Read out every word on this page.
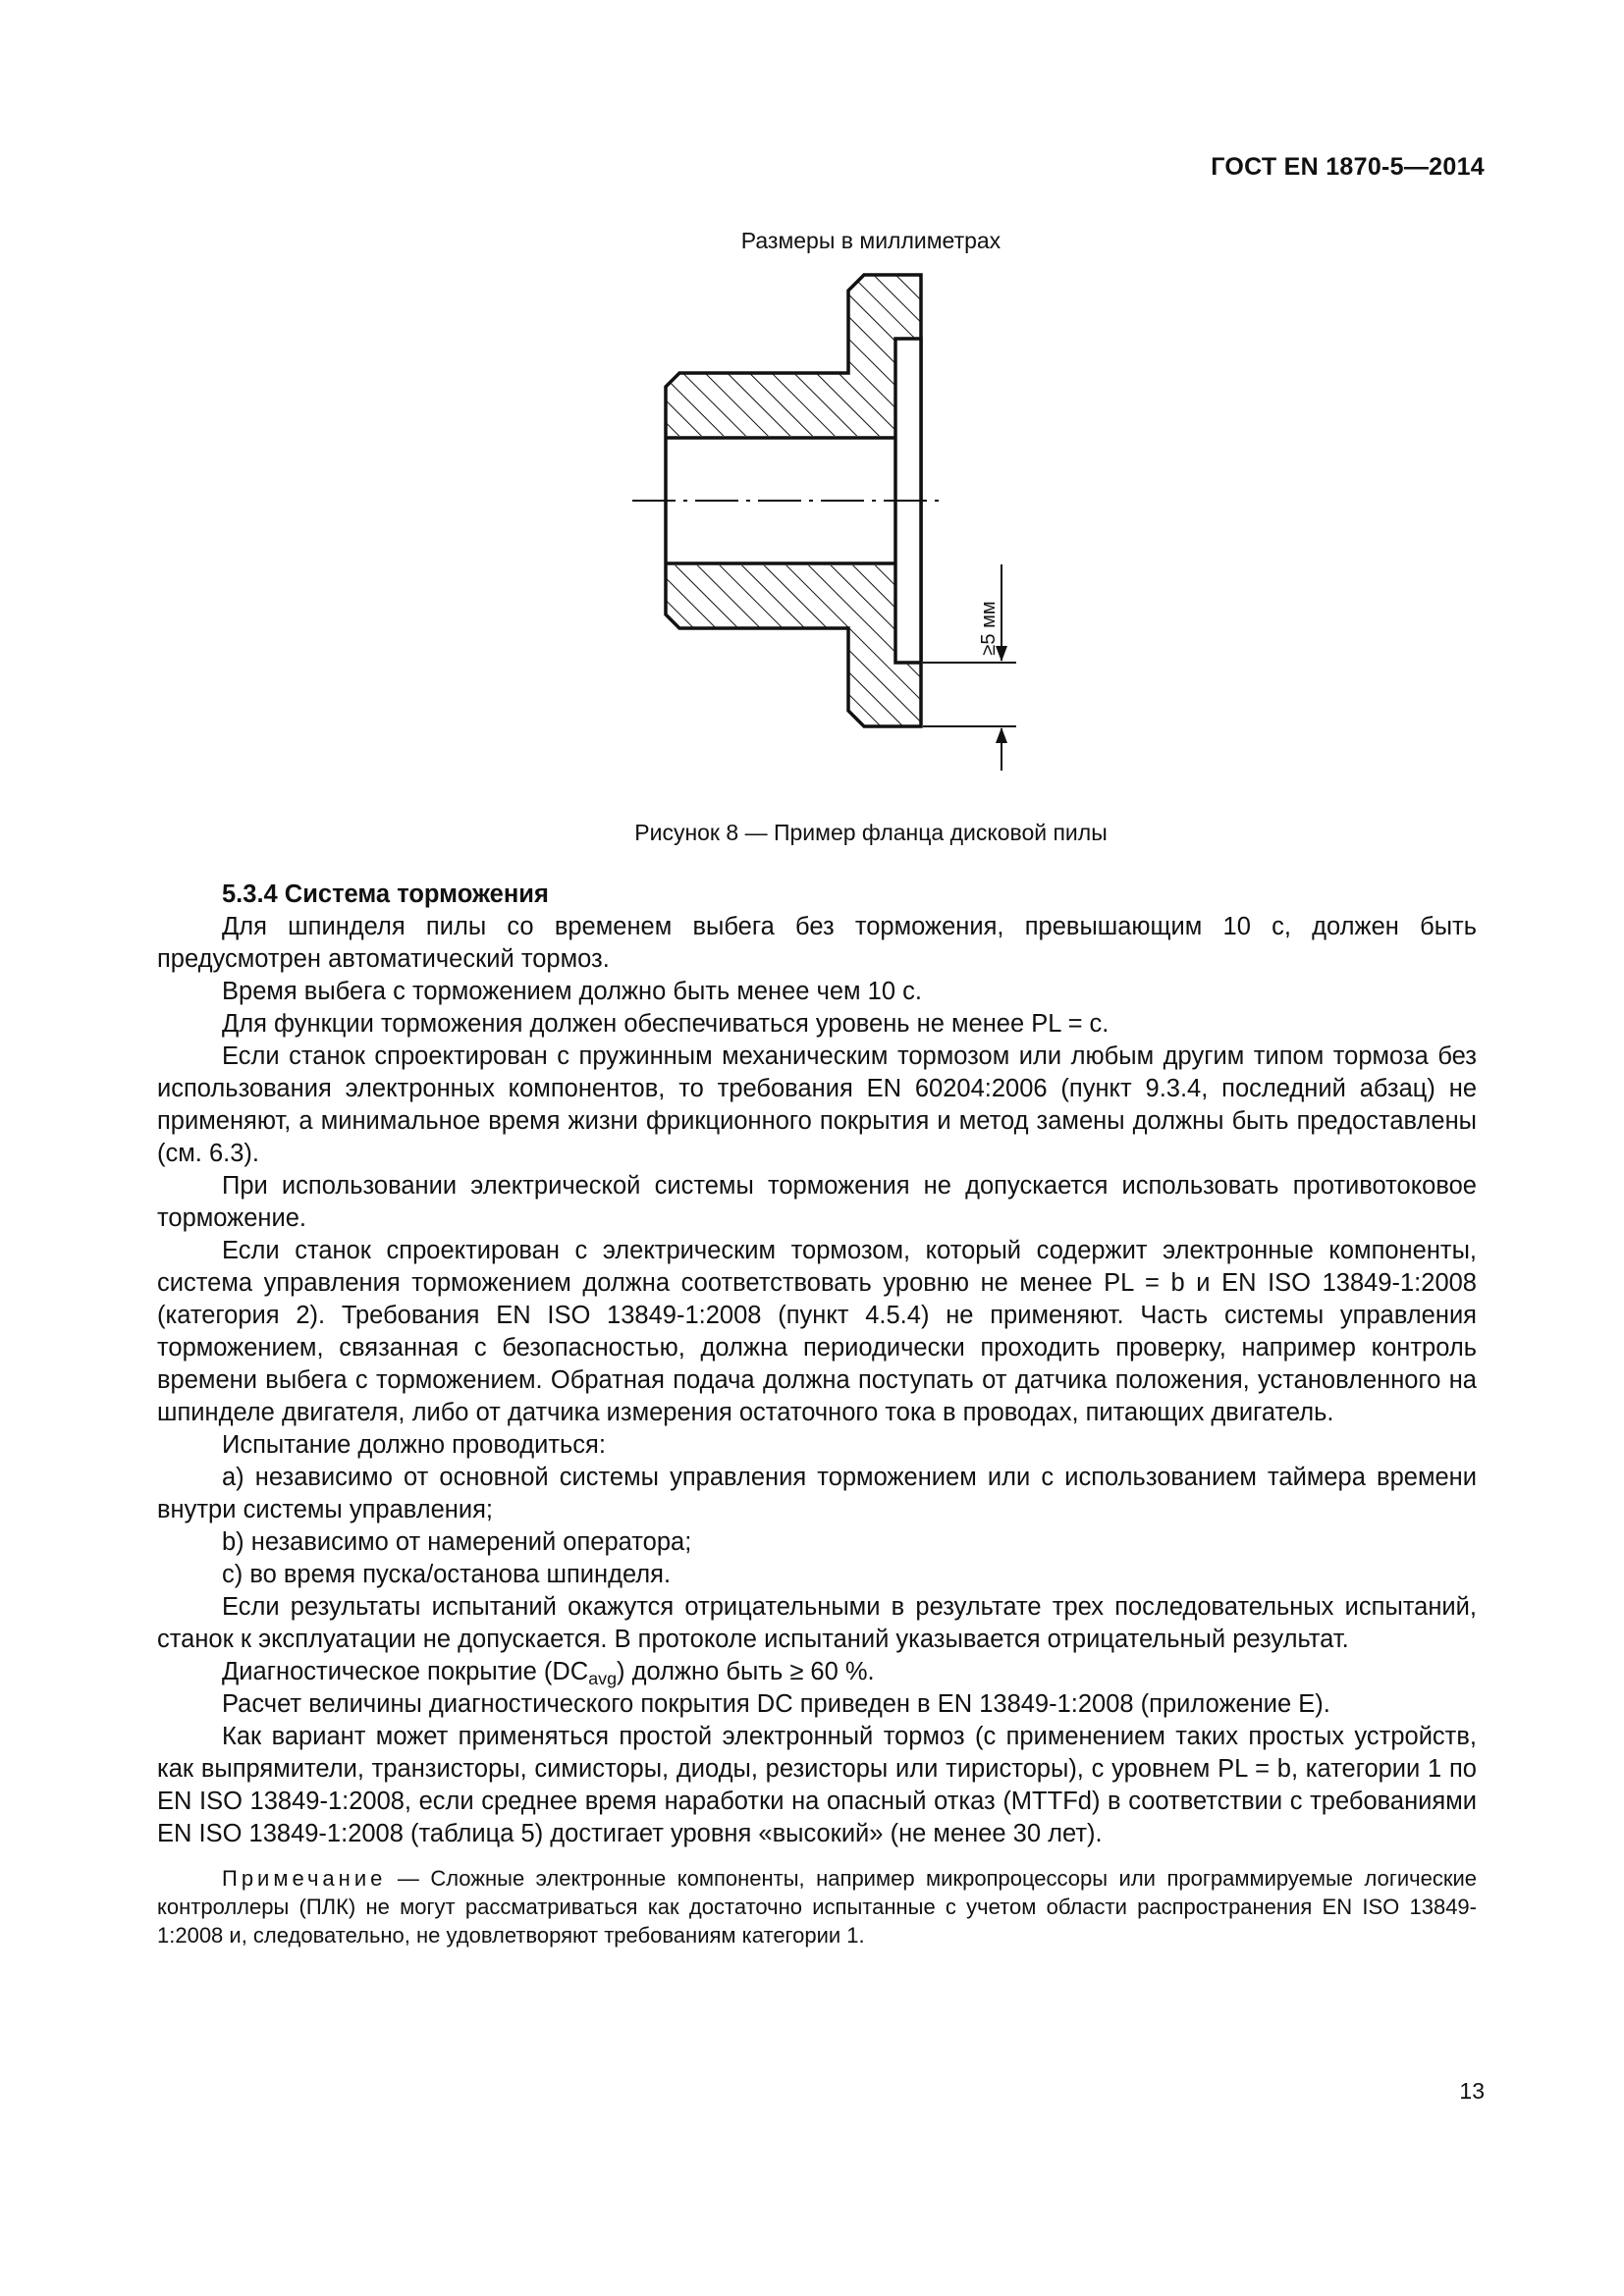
ГОСТ EN 1870-5—2014
Размеры в миллиметрах
≥5 мм
Рисунок 8 — Пример фланца дисковой пилы
5.3.4 Система торможения

Для шпинделя пилы со временем выбега без торможения, превышающим 10 с, должен быть предусмотрен автоматический тормоз.

Время выбега с торможением должно быть менее чем 10 с.

Для функции торможения должен обеспечиваться уровень не менее PL = c.

Если станок спроектирован с пружинным механическим тормозом или любым другим типом тормоза без использования электронных компонентов, то требования EN 60204:2006 (пункт 9.3.4, последний абзац) не применяют, а минимальное время жизни фрикционного покрытия и метод замены должны быть предоставлены (см. 6.3).

При использовании электрической системы торможения не допускается использовать противотоковое торможение.

Если станок спроектирован с электрическим тормозом, который содержит электронные компоненты, система управления торможением должна соответствовать уровню не менее PL = b и EN ISO 13849-1:2008 (категория 2). Требования EN ISO 13849-1:2008 (пункт 4.5.4) не применяют. Часть системы управления торможением, связанная с безопасностью, должна периодически проходить проверку, например контроль времени выбега с торможением. Обратная подача должна поступать от датчика положения, установленного на шпинделе двигателя, либо от датчика измерения остаточного тока в проводах, питающих двигатель.

Испытание должно проводиться:

a) независимо от основной системы управления торможением или с использованием таймера времени внутри системы управления;

b) независимо от намерений оператора;

c) во время пуска/останова шпинделя.

Если результаты испытаний окажутся отрицательными в результате трех последовательных испытаний, станок к эксплуатации не допускается. В протоколе испытаний указывается отрицательный результат.

Диагностическое покрытие $(DC_{avg})$ должно быть ≥ 60 %.

Расчет величины диагностического покрытия DC приведен в EN 13849-1:2008 (приложение E).

Как вариант может применяться простой электронный тормоз (с применением таких простых устройств, как выпрямители, транзисторы, симисторы, диоды, резисторы или тиристоры), с уровнем PL = b, категории 1 по EN ISO 13849-1:2008, если среднее время наработки на опасный отказ (MTTFd) в соответствии с требованиями EN ISO 13849-1:2008 (таблица 5) достигает уровня «высокий» (не менее 30 лет).

Примечание — Сложные электронные компоненты, например микропроцессоры или программируемые логические контроллеры (ПЛК) не могут рассматриваться как достаточно испытанные с учетом области распространения EN ISO 13849-1:2008 и, следовательно, не удовлетворяют требованиям категории 1.

13
